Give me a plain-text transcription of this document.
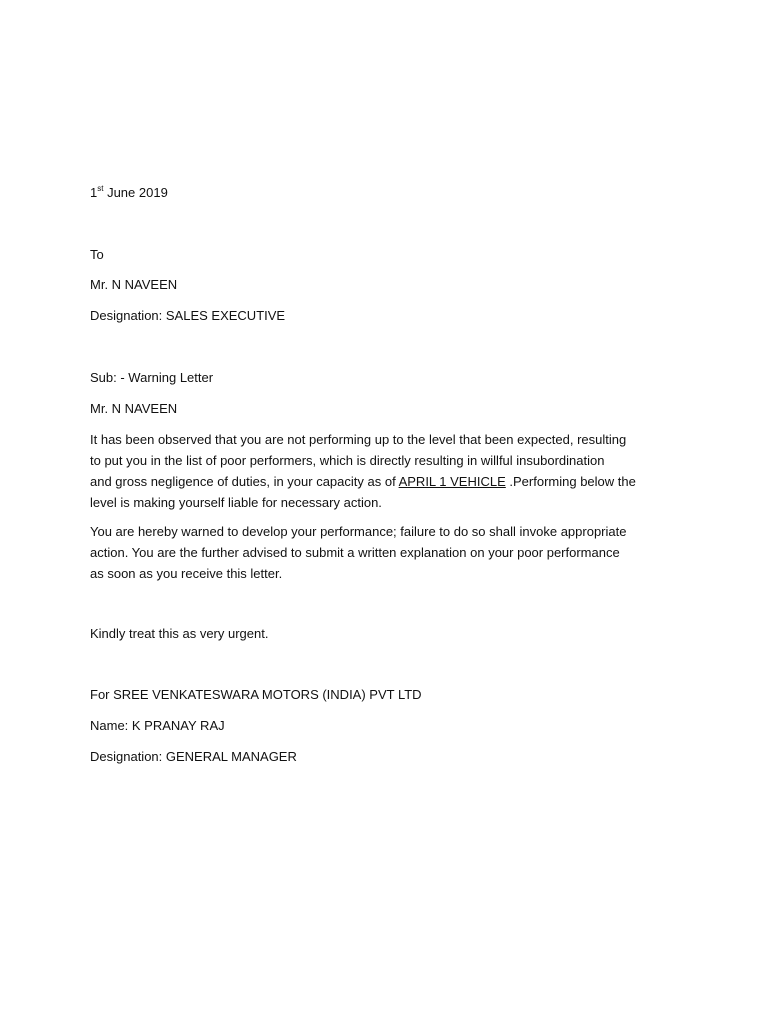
1st June 2019
To
Mr. N NAVEEN
Designation: SALES EXECUTIVE
Sub: - Warning Letter
Mr. N NAVEEN

It has been observed that you are not performing up to the level that been expected, resulting

to put you in the list of poor performers, which is directly resulting in willful insubordination

and gross negligence of duties, in your capacity as of APRIL 1 VEHICLE .Performing below the

level is making yourself liable for necessary action.

You are hereby warned to develop your performance; failure to do so shall invoke appropriate

action. You are the further advised to submit a written explanation on your poor performance

as soon as you receive this letter.

Kindly treat this as very urgent.
For SREE VENKATESWARA MOTORS (INDIA) PVT LTD
Name: K PRANAY RAJ
Designation: GENERAL MANAGER
